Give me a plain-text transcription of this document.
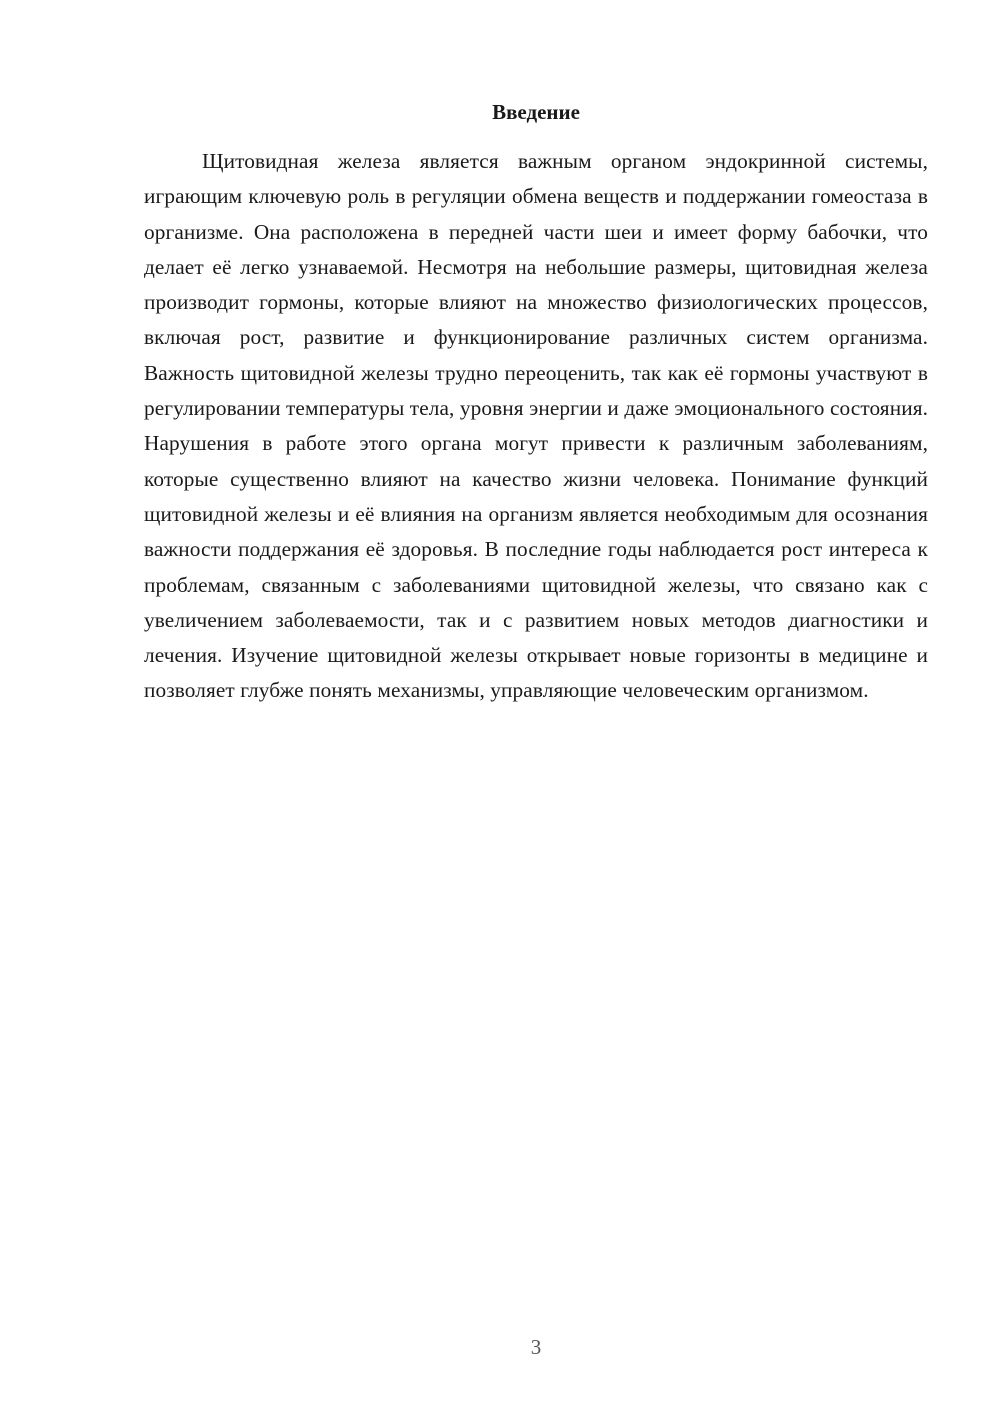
Введение

Щитовидная железа является важным органом эндокринной системы, играющим ключевую роль в регуляции обмена веществ и поддержании гомеостаза в организме. Она расположена в передней части шеи и имеет форму бабочки, что делает её легко узнаваемой. Несмотря на небольшие размеры, щитовидная железа производит гормоны, которые влияют на множество физиологических процессов, включая рост, развитие и функционирование различных систем организма. Важность щитовидной железы трудно переоценить, так как её гормоны участвуют в регулировании температуры тела, уровня энергии и даже эмоционального состояния. Нарушения в работе этого органа могут привести к различным заболеваниям, которые существенно влияют на качество жизни человека. Понимание функций щитовидной железы и её влияния на организм является необходимым для осознания важности поддержания её здоровья. В последние годы наблюдается рост интереса к проблемам, связанным с заболеваниями щитовидной железы, что связано как с увеличением заболеваемости, так и с развитием новых методов диагностики и лечения. Изучение щитовидной железы открывает новые горизонты в медицине и позволяет глубже понять механизмы, управляющие человеческим организмом.

3
